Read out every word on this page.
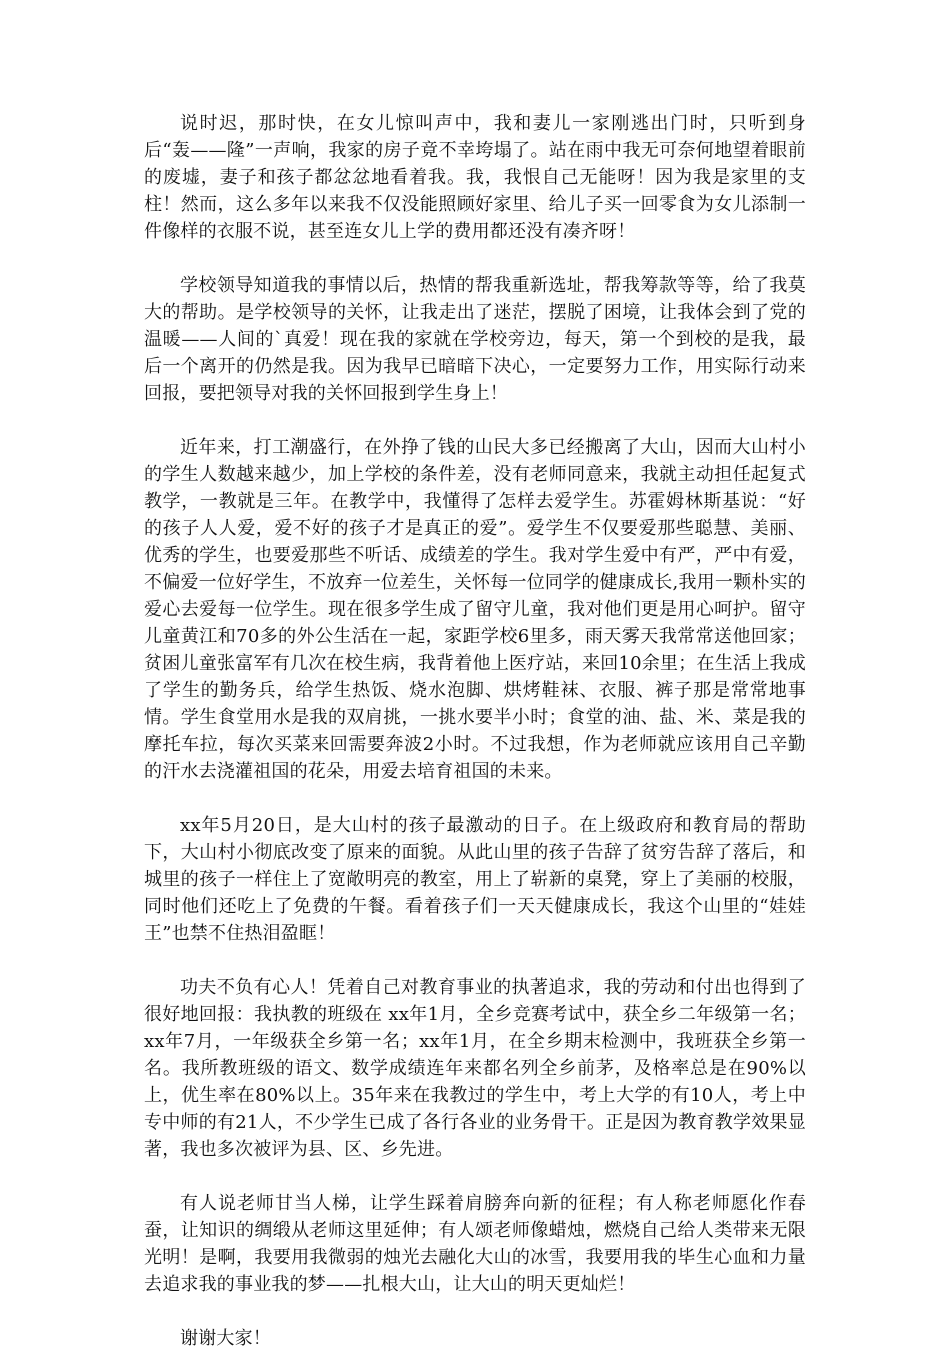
说时迟，那时快，在女儿惊叫声中，我和妻儿一家刚逃出门时，只听到身后“轰——隆”一声响，我家的房子竟不幸垮塌了。站在雨中我无可奈何地望着眼前的废墟，妻子和孩子都忿忿地看着我。我，我恨自己无能呀！因为我是家里的支柱！然而，这么多年以来我不仅没能照顾好家里、给儿子买一回零食为女儿添制一件像样的衣服不说，甚至连女儿上学的费用都还没有凑齐呀！

学校领导知道我的事情以后，热情的帮我重新选址，帮我筹款等等，给了我莫大的帮助。是学校领导的关怀，让我走出了迷茫，摆脱了困境，让我体会到了党的温暖——人间的`真爱！现在我的家就在学校旁边，每天，第一个到校的是我，最后一个离开的仍然是我。因为我早已暗暗下决心，一定要努力工作，用实际行动来回报，要把领导对我的关怀回报到学生身上！

近年来，打工潮盛行，在外挣了钱的山民大多已经搬离了大山，因而大山村小的学生人数越来越少，加上学校的条件差，没有老师同意来，我就主动担任起复式教学，一教就是三年。在教学中，我懂得了怎样去爱学生。苏霍姆林斯基说：“好的孩子人人爱，爱不好的孩子才是真正的爱”。爱学生不仅要爱那些聪慧、美丽、优秀的学生，也要爱那些不听话、成绩差的学生。我对学生爱中有严，严中有爱，不偏爱一位好学生，不放弃一位差生，关怀每一位同学的健康成长,我用一颗朴实的爱心去爱每一位学生。现在很多学生成了留守儿童，我对他们更是用心呵护。留守儿童黄江和70多的外公生活在一起，家距学校6里多，雨天雾天我常常送他回家；贫困儿童张富军有几次在校生病，我背着他上医疗站，来回10余里；在生活上我成了学生的勤务兵，给学生热饭、烧水泡脚、烘烤鞋袜、衣服、裤子那是常常地事情。学生食堂用水是我的双肩挑，一挑水要半小时；食堂的油、盐、米、菜是我的摩托车拉，每次买菜来回需要奔波2小时。不过我想，作为老师就应该用自己辛勤的汗水去浇灌祖国的花朵，用爱去培育祖国的未来。

xx年5月20日，是大山村的孩子最激动的日子。在上级政府和教育局的帮助下，大山村小彻底改变了原来的面貌。从此山里的孩子告辞了贫穷告辞了落后，和城里的孩子一样住上了宽敞明亮的教室，用上了崭新的桌凳，穿上了美丽的校服，同时他们还吃上了免费的午餐。看着孩子们一天天健康成长，我这个山里的“娃娃王”也禁不住热泪盈眶！

功夫不负有心人！凭着自己对教育事业的执著追求，我的劳动和付出也得到了很好地回报：我执教的班级在 xx年1月，全乡竞赛考试中，获全乡二年级第一名；xx年7月，一年级获全乡第一名；xx年1月，在全乡期末检测中，我班获全乡第一名。我所教班级的语文、数学成绩连年来都名列全乡前茅，及格率总是在90%以上，优生率在80%以上。35年来在我教过的学生中，考上大学的有10人，考上中专中师的有21人，不少学生已成了各行各业的业务骨干。正是因为教育教学效果显著，我也多次被评为县、区、乡先进。

有人说老师甘当人梯，让学生踩着肩膀奔向新的征程；有人称老师愿化作春蚕，让知识的绸缎从老师这里延伸；有人颂老师像蜡烛，燃烧自己给人类带来无限光明！是啊，我要用我微弱的烛光去融化大山的冰雪，我要用我的毕生心血和力量去追求我的事业我的梦——扎根大山，让大山的明天更灿烂！

谢谢大家！
